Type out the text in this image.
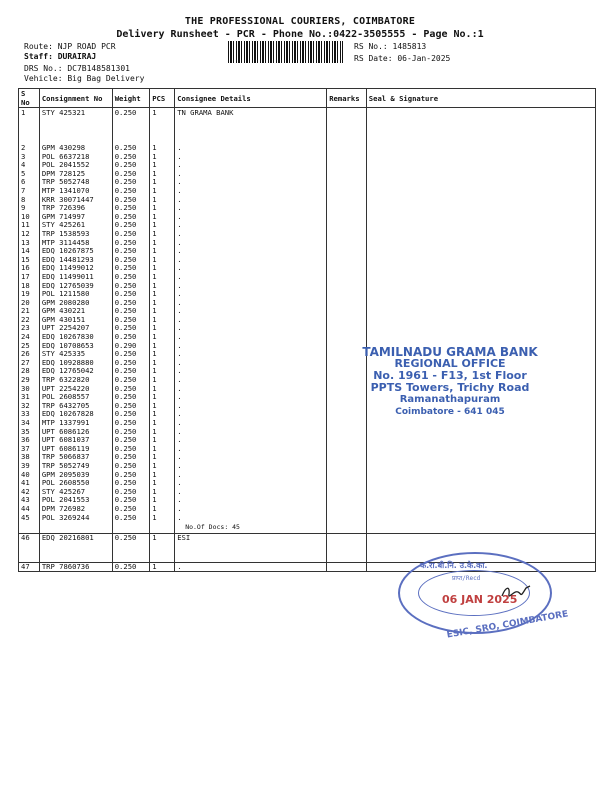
THE PROFESSIONAL COURIERS, COIMBATORE
Delivery Runsheet - PCR - Phone No.:0422-3505555 - Page No.:1
Route: NJP ROAD PCR
Staff: DURAIRAJ
DRS No.: DC7B148581301
Vehicle: Big Bag Delivery
RS No.: 1485813
RS Date: 06-Jan-2025
S No	Consignment No	Weight	PCS	Consignee Details	Remarks	Seal & Signature
1	STY 425321	0.250	1	TN GRAMA BANK		

2	GPM 430298	0.250	1	.		
3	POL 6637218	0.250	1	.		
4	POL 2041552	0.250	1	.		
5	DPM 728125	0.250	1	.		
6	TRP 5052748	0.250	1	.		
7	MTP 1341070	0.250	1	.		
8	KRR 30071447	0.250	1	.		
9	TRP 726396	0.250	1	.		
10	GPM 714997	0.250	1	.		
11	STY 425261	0.250	1	.		
12	TRP 1538593	0.250	1	.		
13	MTP 3114458	0.250	1	.		
14	EDQ 10267875	0.250	1	.		
15	EDQ 14481293	0.250	1	.		
16	EDQ 11499012	0.250	1	.		
17	EDQ 11499011	0.250	1	.		
18	EDQ 12765039	0.250	1	.		
19	POL 1211580	0.250	1	.		
20	GPM 2080280	0.250	1	.		
21	GPM 430221	0.250	1	.		
22	GPM 430151	0.250	1	.		
23	UPT 2254207	0.250	1	.		
24	EDQ 10267830	0.250	1	.		
25	EDQ 10708653	0.290	1	.		
26	STY 425335	0.250	1	.		
27	EDQ 10928880	0.250	1	.		
28	EDQ 12765042	0.250	1	.		
29	TRP 6322820	0.250	1	.		
30	UPT 2254220	0.250	1	.		
31	POL 2608557	0.250	1	.		
32	TRP 6432705	0.250	1	.		
33	EDQ 10267828	0.250	1	.		
34	MTP 1337991	0.250	1	.		
35	UPT 6086126	0.250	1	.		
36	UPT 6081037	0.250	1	.		
37	UPT 6086119	0.250	1	.		
38	TRP 5066837	0.250	1	.		
39	TRP 5052749	0.250	1	.		
40	GPM 2095039	0.250	1	.		
41	POL 2608550	0.250	1	.		
42	STY 425267	0.250	1	.		
43	POL 2041553	0.250	1	.		
44	DPM 726982	0.250	1	.		
45	POL 3269244	0.250	1	.		
				No.Of Docs: 45		
46	EDQ 20216801	0.250	1	ESI		

47	TRP 7860736	0.250	1	.		
TAMILNADU GRAMA BANK
REGIONAL OFFICE
No. 1961 - F13, 1st Floor
PPTS Towers, Trichy Road
Ramanathapuram
Coimbatore - 641 045
क.रा.बी.नि. उ.के.का.
प्राप्त/Recd
06 JAN 2025
ESIC, SRO, COIMBATORE
